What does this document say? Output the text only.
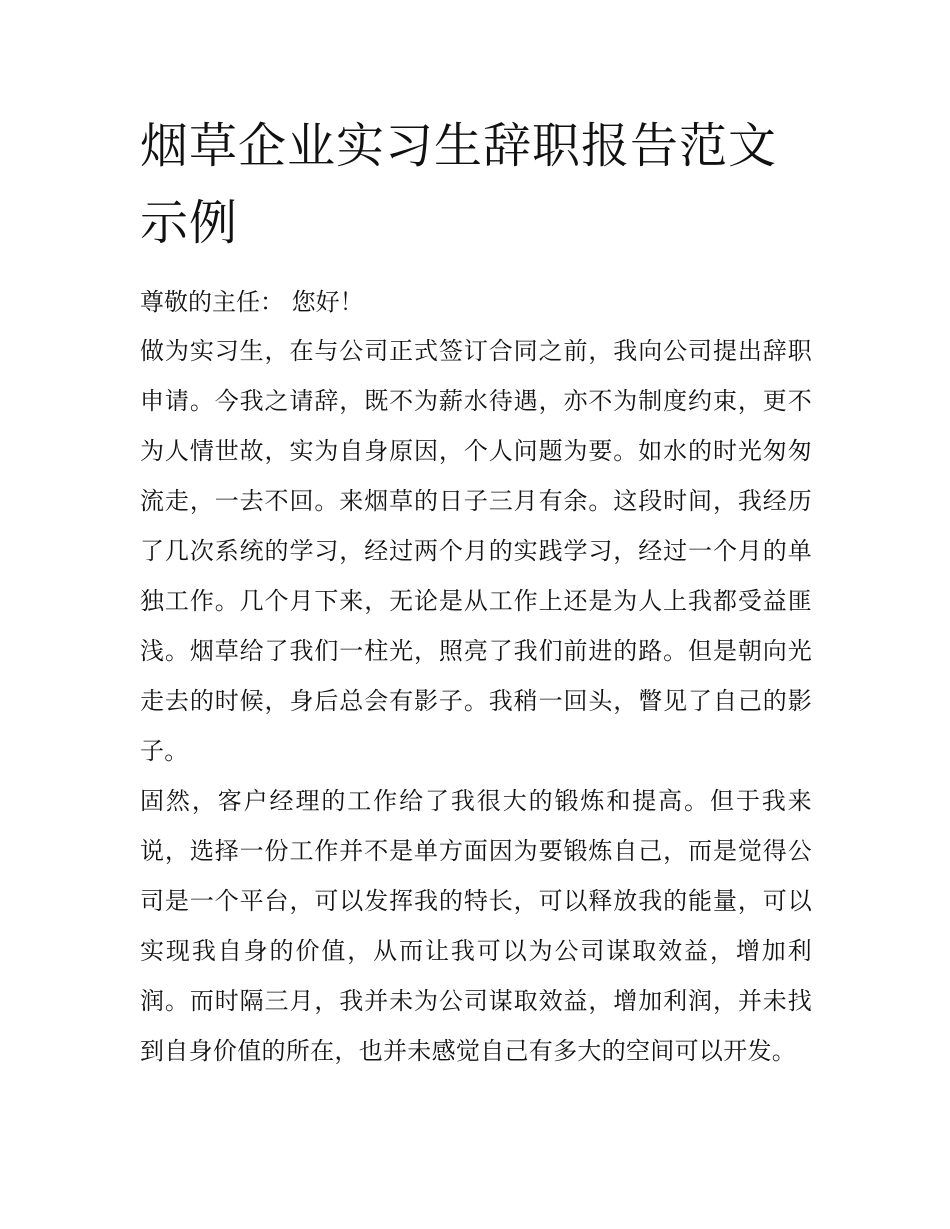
烟草企业实习生辞职报告范文示例

尊敬的主任： 您好！

做为实习生，在与公司正式签订合同之前，我向公司提出辞职申请。今我之请辞，既不为薪水待遇，亦不为制度约束，更不为人情世故，实为自身原因，个人问题为要。如水的时光匆匆流走，一去不回。来烟草的日子三月有余。这段时间，我经历了几次系统的学习，经过两个月的实践学习，经过一个月的单独工作。几个月下来，无论是从工作上还是为人上我都受益匪浅。烟草给了我们一柱光，照亮了我们前进的路。但是朝向光走去的时候，身后总会有影子。我稍一回头，瞥见了自己的影子。

固然，客户经理的工作给了我很大的锻炼和提高。但于我来说，选择一份工作并不是单方面因为要锻炼自己，而是觉得公司是一个平台，可以发挥我的特长，可以释放我的能量，可以实现我自身的价值，从而让我可以为公司谋取效益，增加利润。而时隔三月，我并未为公司谋取效益，增加利润，并未找到自身价值的所在，也并未感觉自己有多大的空间可以开发。
